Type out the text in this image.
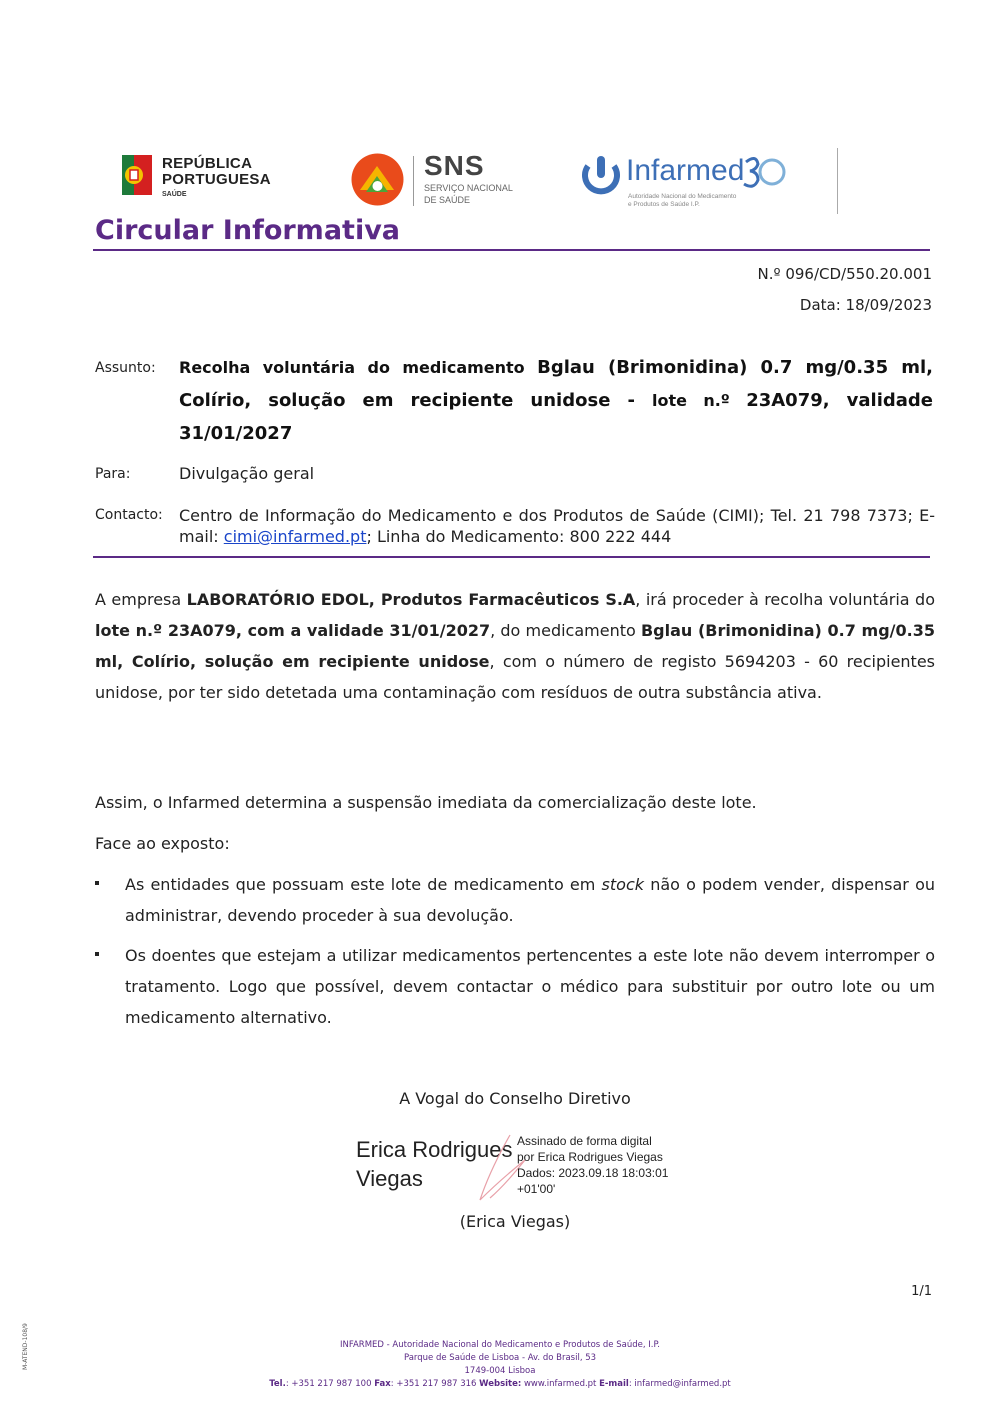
REPÚBLICA
PORTUGUESA
SAÚDE
SNS
SERVIÇO NACIONAL
DE SAÚDE
Infarmed
Autoridade Nacional do Medicamento
e Produtos de Saúde I.P.
Circular Informativa
N.º 096/CD/550.20.001
Data: 18/09/2023
Assunto: Recolha voluntária do medicamento Bglau (Brimonidina) 0.7 mg/0.35 ml, Colírio, solução em recipiente unidose - lote n.º 23A079, validade 31/01/2027
Para:	Divulgação geral
Contacto: Centro de Informação do Medicamento e dos Produtos de Saúde (CIMI); Tel. 21 798 7373; E-mail: cimi@infarmed.pt; Linha do Medicamento: 800 222 444
A empresa LABORATÓRIO EDOL, Produtos Farmacêuticos S.A, irá proceder à recolha voluntária do lote n.º 23A079, com a validade 31/01/2027, do medicamento Bglau (Brimonidina) 0.7 mg/0.35 ml, Colírio, solução em recipiente unidose, com o número de registo 5694203 - 60 recipientes unidose, por ter sido detetada uma contaminação com resíduos de outra substância ativa.
Assim, o Infarmed determina a suspensão imediata da comercialização deste lote.
Face ao exposto:
As entidades que possuam este lote de medicamento em stock não o podem vender, dispensar ou administrar, devendo proceder à sua devolução.
Os doentes que estejam a utilizar medicamentos pertencentes a este lote não devem interromper o tratamento. Logo que possível, devem contactar o médico para substituir por outro lote ou um medicamento alternativo.
A Vogal do Conselho Diretivo
Erica Rodrigues
Viegas
Assinado de forma digital
por Erica Rodrigues Viegas
Dados: 2023.09.18 18:03:01
+01'00'
(Erica Viegas)
1/1
M-ATEND-108/9	INFARMED - Autoridade Nacional do Medicamento e Produtos de Saúde, I.P.
Parque de Saúde de Lisboa - Av. do Brasil, 53
1749-004 Lisboa
Tel.: +351 217 987 100 Fax: +351 217 987 316 Website: www.infarmed.pt E-mail: infarmed@infarmed.pt
